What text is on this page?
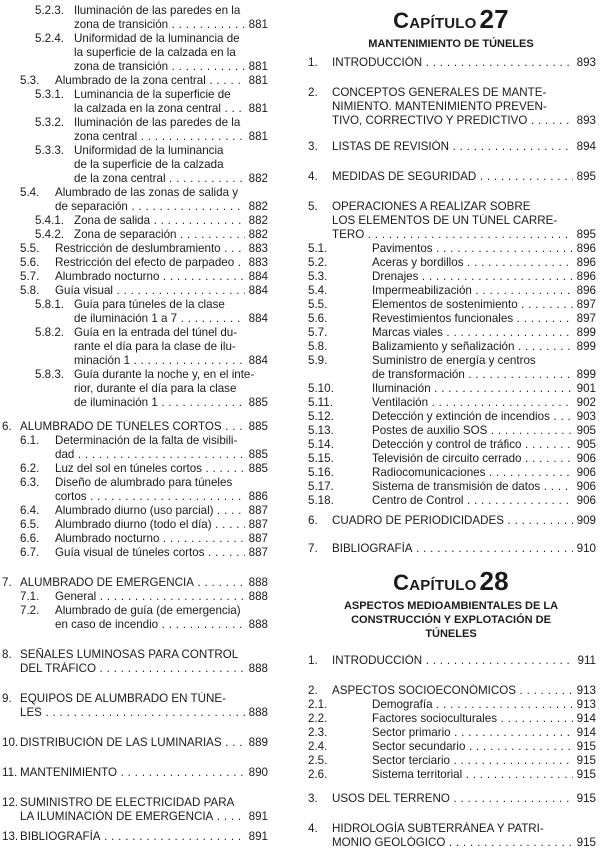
5.2.3. Iluminación de las paredes en la
zona de transición . . .	881
5.2.4. Uniformidad de la luminancia de
la superficie de la calzada en la
zona de transición . . .	881
5.3. Alumbrado de la zona central . . .	881
5.3.1. Luminancia de la superficie de
la calzada en la zona central . . .	881
5.3.2. Iluminación de las paredes de la
zona central . . .	881
5.3.3. Uniformidad de la luminancia
de la superficie de la calzada
de la zona central . . .	882
5.4. Alumbrado de las zonas de salida y
de separación . . .	882
5.4.1. Zona de salida . . .	882
5.4.2. Zona de separación . . .	882
5.5. Restricción de deslumbramiento . . .	883
5.6. Restricción del efecto de parpadeo . . .	883
5.7. Alumbrado nocturno . . .	884
5.8. Guía visual . . .	884
5.8.1. Guía para túneles de la clase
de iluminación 1 a 7 . . .	884
5.8.2. Guía en la entrada del túnel du-
rante el día para la clase de ilu-
minación 1 . . .	884
5.8.3. Guía durante la noche y, en el inte-
rior, durante el día para la clase
de iluminación 1 . . .	885
6. ALUMBRADO DE TÚNELES CORTOS . . .	885
6.1. Determinación de la falta de visibili-
dad . . .	885
6.2. Luz del sol en túneles cortos . . .	885
6.3. Diseño de alumbrado para túneles
cortos . . .	886
6.4. Alumbrado diurno (uso parcial) . . .	887
6.5. Alumbrado diurno (todo el día) . . .	887
6.6. Alumbrado nocturno . . .	887
6.7. Guía visual de túneles cortos . . .	887
7. ALUMBRADO DE EMERGENCIA . . .	888
7.1. General . . .	888
7.2. Alumbrado de guía (de emergencia)
en caso de incendio . . .	888
8. SEÑALES LUMINOSAS PARA CONTROL
DEL TRÁFICO . . .	888
9. EQUIPOS DE ALUMBRADO EN TÚNE-
LES . . .	888
10. DISTRIBUCIÓN DE LAS LUMINARIAS . . .	889
11. MANTENIMIENTO . . .	890
12. SUMINISTRO DE ELECTRICIDAD PARA
LA ILUMINACIÓN DE EMERGENCIA . . .	891
13. BIBLIOGRAFÍA . . .	891
1. INTRODUCCIÓN . . .	893
2. CONCEPTOS GENERALES DE MANTE-
NIMIENTO. MANTENIMIENTO PREVEN-
TIVO, CORRECTIVO Y PREDICTIVO . . .	893
3. LISTAS DE REVISIÓN . . .	894
4. MEDIDAS DE SEGURIDAD . . .	895
5. OPERACIONES A REALIZAR SOBRE
LOS ELEMENTOS DE UN TÚNEL CARRE-
TERO . . .	895
5.1.	Pavimentos . . .	896
5.2.	Aceras y bordillos . . .	896
5.3.	Drenajes . . .	896
5.4.	Impermeabilización . . .	896
5.5.	Elementos de sostenimiento . . .	897
5.6.	Revestimientos funcionales . . .	897
5.7.	Marcas viales . . .	899
5.8.	Balizamiento y señalización . . .	899
5.9.	Suministro de energía y centros
de transformación . . .	899
5.10.	Iluminación . . .	901
5.11.	Ventilación . . .	902
5.12.	Detección y extinción de incendios . . .	903
5.13.	Postes de auxilio SOS . . .	905
5.14.	Detección y control de tráfico . . .	905
5.15.	Televisión de circuito cerrado . . .	906
5.16.	Radiocomunicaciones . . .	906
5.17.	Sistema de transmisión de datos . . .	906
5.18.	Centro de Control . . .	906
6. CUADRO DE PERIODICIDADES . . .	909
7. BIBLIOGRAFÍA . . .	910
1. INTRODUCCIÓN . . .	911
2. ASPECTOS SOCIOECONÓMICOS . . .	913
2.1.	Demografía . . .	913
2.2.	Factores socioculturales . . .	914
2.3.	Sector primario . . .	914
2.4.	Sector secundario . . .	915
2.5.	Sector terciario . . .	915
2.6.	Sistema territorial . . .	915
3. USOS DEL TERRENO . . .	915
4. HIDROLOGÍA SUBTERRÁNEA Y PATRI-
MONIO GEOLÓGICO . . .	915
CAPÍTULO 27
MANTENIMIENTO DE TÚNELES
CAPÍTULO 28
ASPECTOS MEDIOAMBIENTALES DE LA
CONSTRUCCIÓN Y EXPLOTACIÓN DE
TÚNELES
